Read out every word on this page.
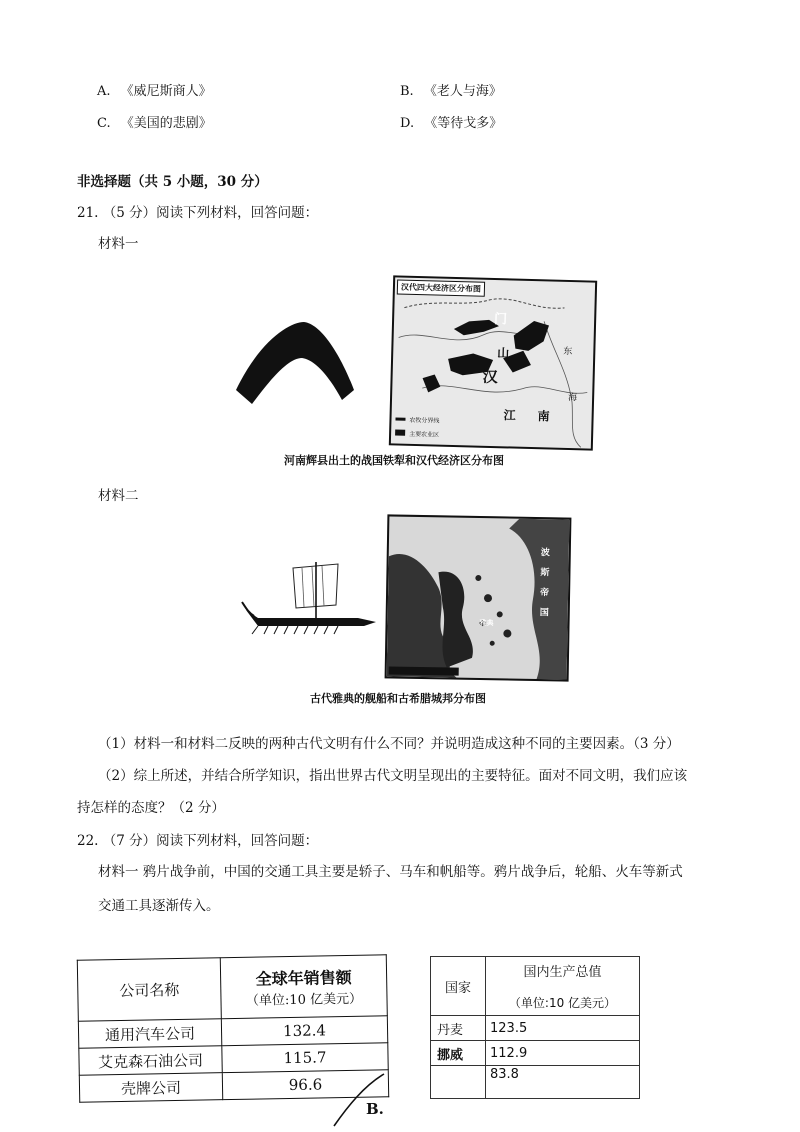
A. 《威尼斯商人》	B. 《老人与海》
C. 《美国的悲剧》	D. 《等待戈多》
非选择题（共 5 小题，30 分）
21. （5 分）阅读下列材料，回答问题：
材料一
汉代四大经济区分布图
门
山
汉
江 南
海
东
农牧分界线
主要农业区
河南辉县出土的战国铁犁和汉代经济区分布图
材料二
波
斯
帝
国
雅典
古代雅典的舰船和古希腊城邦分布图
（1）材料一和材料二反映的两种古代文明有什么不同？并说明造成这种不同的主要因素。（3 分）
（2）综上所述，并结合所学知识，指出世界古代文明呈现出的主要特征。面对不同文明，我们应该
持怎样的态度？（2 分）
22. （7 分）阅读下列材料，回答问题：
材料一 鸦片战争前，中国的交通工具主要是轿子、马车和帆船等。鸦片战争后，轮船、火车等新式
交通工具逐渐传入。
公司名称	全球年销售额
（单位:10 亿美元）

通用汽车公司	132.4
艾克森石油公司	115.7
壳牌公司	96.6
国家	国内生产总值
（单位:10 亿美元）

丹麦	123.5
挪威	112.9
	83.8
B.
